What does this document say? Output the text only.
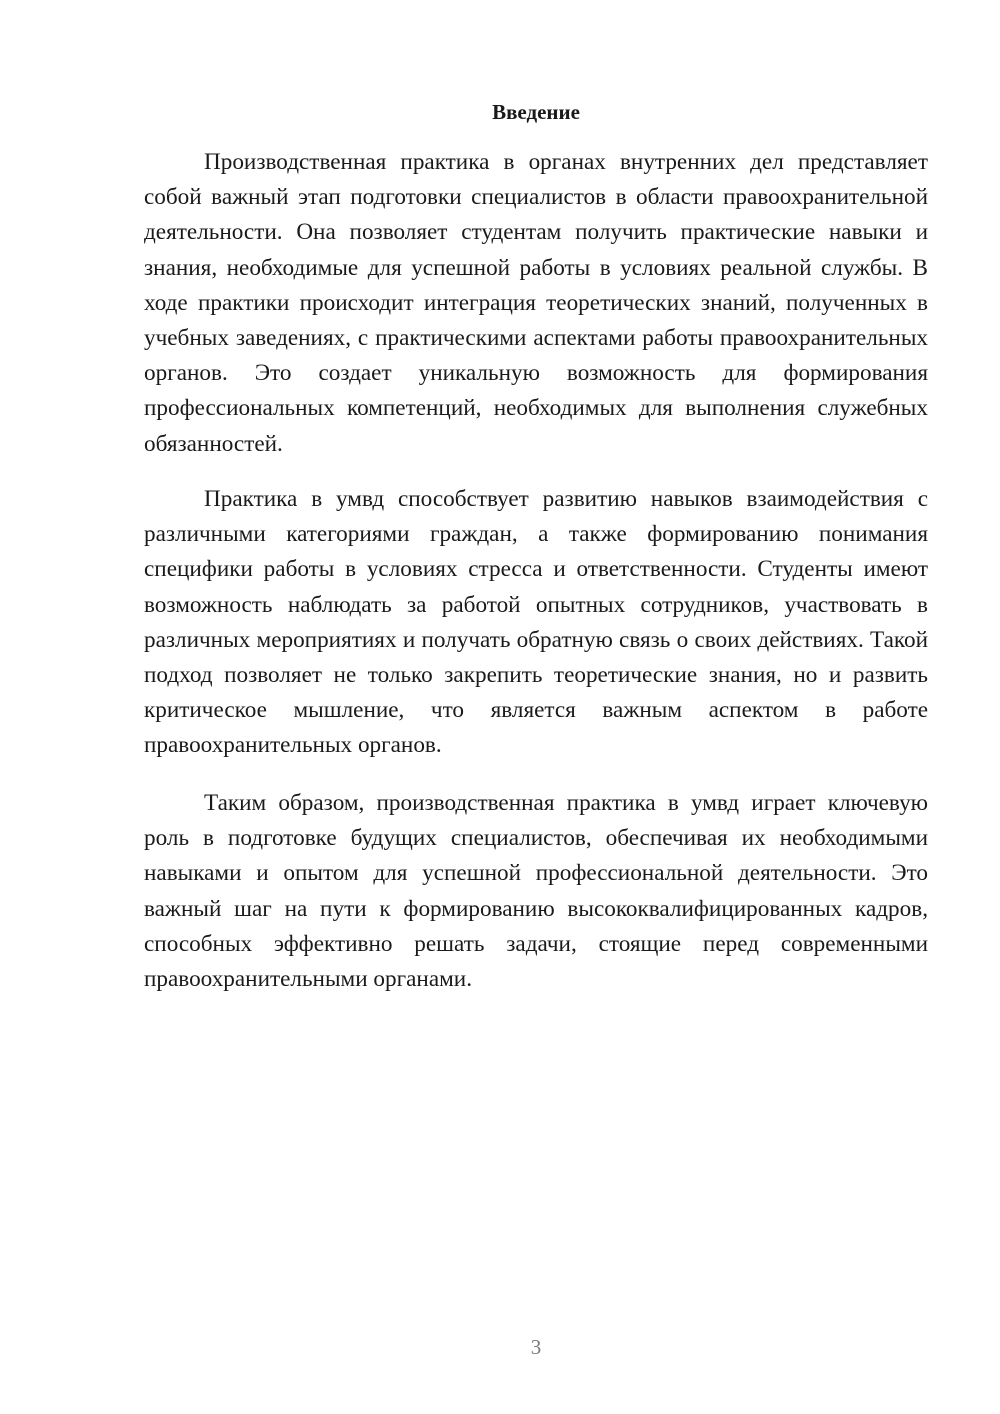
Введение

Производственная практика в органах внутренних дел представляет собой важный этап подготовки специалистов в области правоохранительной деятельности. Она позволяет студентам получить практические навыки и знания, необходимые для успешной работы в условиях реальной службы. В ходе практики происходит интеграция теоретических знаний, полученных в учебных заведениях, с практическими аспектами работы правоохранительных органов. Это создает уникальную возможность для формирования профессиональных компетенций, необходимых для выполнения служебных обязанностей.

Практика в умвд способствует развитию навыков взаимодействия с различными категориями граждан, а также формированию понимания специфики работы в условиях стресса и ответственности. Студенты имеют возможность наблюдать за работой опытных сотрудников, участвовать в различных мероприятиях и получать обратную связь о своих действиях. Такой подход позволяет не только закрепить теоретические знания, но и развить критическое мышление, что является важным аспектом в работе правоохранительных органов.

Таким образом, производственная практика в умвд играет ключевую роль в подготовке будущих специалистов, обеспечивая их необходимыми навыками и опытом для успешной профессиональной деятельности. Это важный шаг на пути к формированию высококвалифицированных кадров, способных эффективно решать задачи, стоящие перед современными правоохранительными органами.

3
